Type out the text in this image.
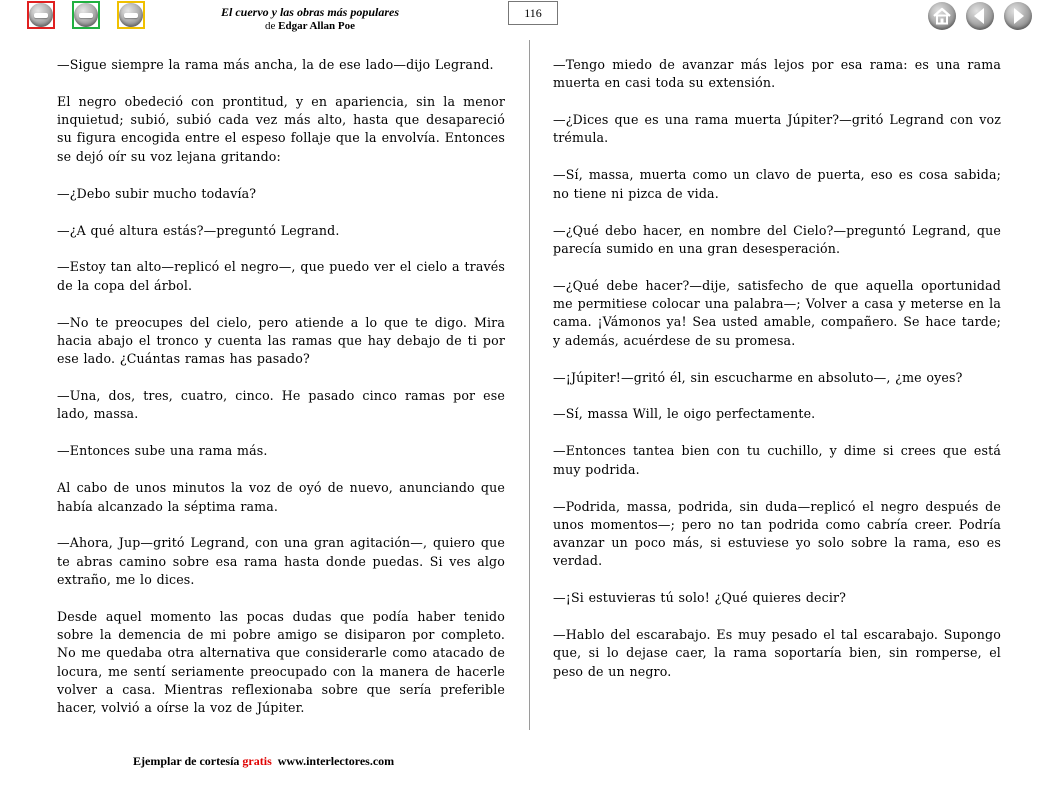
El cuervo y las obras más populares
de Edgar Allan Poe
116

—Sigue siempre la rama más ancha, la de ese lado—dijo Legrand.

El negro obedeció con prontitud, y en apariencia, sin la menor inquietud; subió, subió cada vez más alto, hasta que desapareció su figura encogida entre el espeso follaje que la envolvía. Entonces se dejó oír su voz lejana gritando:

—¿Debo subir mucho todavía?

—¿A qué altura estás?—preguntó Legrand.

—Estoy tan alto—replicó el negro—, que puedo ver el cielo a través de la copa del árbol.

—No te preocupes del cielo, pero atiende a lo que te digo. Mira hacia abajo el tronco y cuenta las ramas que hay debajo de ti por ese lado. ¿Cuántas ramas has pasado?

—Una, dos, tres, cuatro, cinco. He pasado cinco ramas por ese lado, massa.

—Entonces sube una rama más.

Al cabo de unos minutos la voz de oyó de nuevo, anunciando que había alcanzado la séptima rama.

—Ahora, Jup—gritó Legrand, con una gran agitación—, quiero que te abras camino sobre esa rama hasta donde puedas. Si ves algo extraño, me lo dices.

Desde aquel momento las pocas dudas que podía haber tenido sobre la demencia de mi pobre amigo se disiparon por completo. No me quedaba otra alternativa que considerarle como atacado de locura, me sentí seriamente preocupado con la manera de hacerle volver a casa. Mientras reflexionaba sobre que sería preferible hacer, volvió a oírse la voz de Júpiter.

—Tengo miedo de avanzar más lejos por esa rama: es una rama muerta en casi toda su extensión.

—¿Dices que es una rama muerta Júpiter?—gritó Legrand con voz trémula.

—Sí, massa, muerta como un clavo de puerta, eso es cosa sabida; no tiene ni pizca de vida.

—¿Qué debo hacer, en nombre del Cielo?—preguntó Legrand, que parecía sumido en una gran desesperación.

—¿Qué debe hacer?—dije, satisfecho de que aquella oportunidad me permitiese colocar una palabra—; Volver a casa y meterse en la cama. ¡Vámonos ya! Sea usted amable, compañero. Se hace tarde; y además, acuérdese de su promesa.

—¡Júpiter!—gritó él, sin escucharme en absoluto—, ¿me oyes?

—Sí, massa Will, le oigo perfectamente.

—Entonces tantea bien con tu cuchillo, y dime si crees que está muy podrida.

—Podrida, massa, podrida, sin duda—replicó el negro después de unos momentos—; pero no tan podrida como cabría creer. Podría avanzar un poco más, si estuviese yo solo sobre la rama, eso es verdad.

—¡Si estuvieras tú solo! ¿Qué quieres decir?

—Hablo del escarabajo. Es muy pesado el tal escarabajo. Supongo que, si lo dejase caer, la rama soportaría bien, sin romperse, el peso de un negro.

Ejemplar de cortesía gratis www.interlectores.com
